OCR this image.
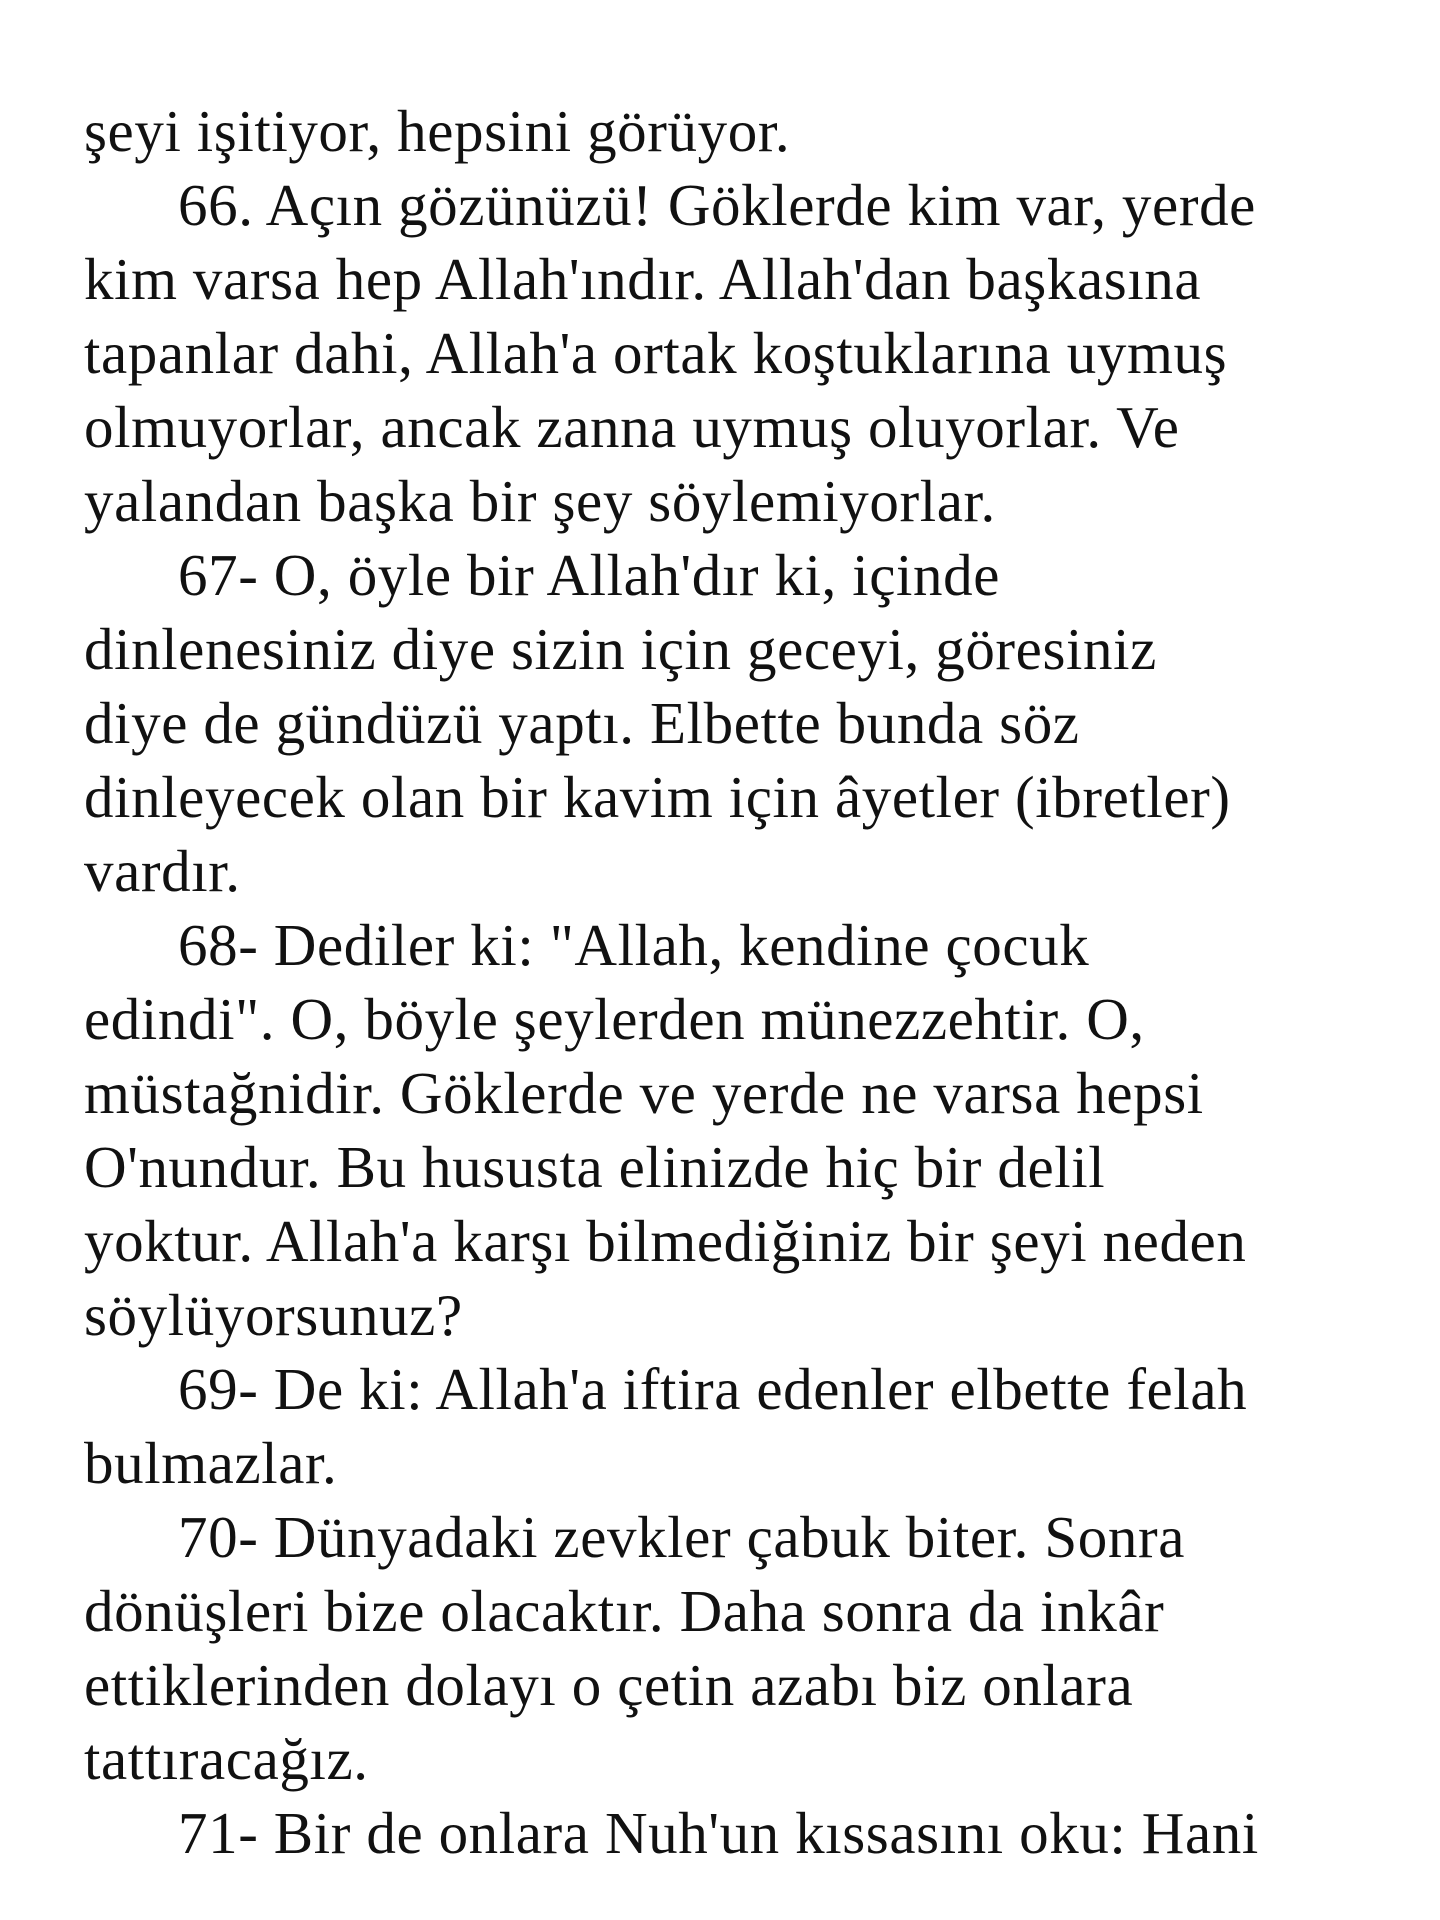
şeyi işitiyor, hepsini görüyor.
66. Açın gözünüzü! Göklerde kim var, yerde
kim varsa hep Allah'ındır. Allah'dan başkasına
tapanlar dahi, Allah'a ortak koştuklarına uymuş
olmuyorlar, ancak zanna uymuş oluyorlar. Ve
yalandan başka bir şey söylemiyorlar.
67- O, öyle bir Allah'dır ki, içinde
dinlenesiniz diye sizin için geceyi, göresiniz
diye de gündüzü yaptı. Elbette bunda söz
dinleyecek olan bir kavim için âyetler (ibretler)
vardır.
68- Dediler ki: "Allah, kendine çocuk
edindi". O, böyle şeylerden münezzehtir. O,
müstağnidir. Göklerde ve yerde ne varsa hepsi
O'nundur. Bu hususta elinizde hiç bir delil
yoktur. Allah'a karşı bilmediğiniz bir şeyi neden
söylüyorsunuz?
69- De ki: Allah'a iftira edenler elbette felah
bulmazlar.
70- Dünyadaki zevkler çabuk biter. Sonra
dönüşleri bize olacaktır. Daha sonra da inkâr
ettiklerinden dolayı o çetin azabı biz onlara
tattıracağız.
71- Bir de onlara Nuh'un kıssasını oku: Hani
